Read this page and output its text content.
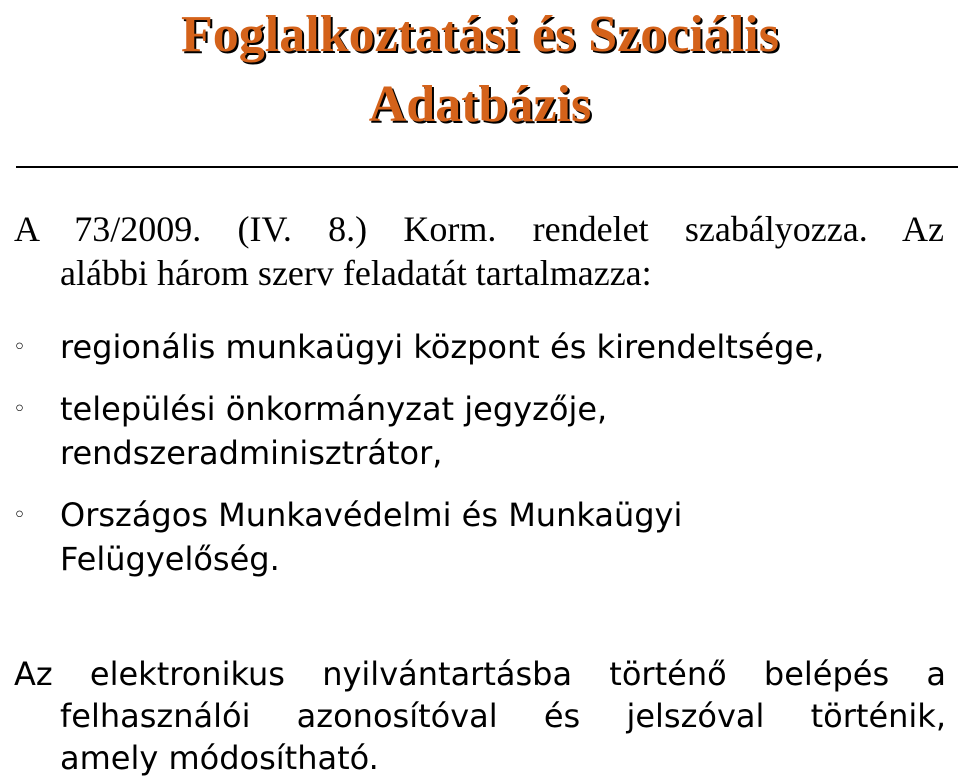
Foglalkoztatási és Szociális
Adatbázis
A 73/2009. (IV. 8.) Korm. rendelet szabályozza. Az
alábbi három szerv feladatát tartalmazza:
◦ regionális munkaügyi központ és kirendeltsége,
◦ települési önkormányzat jegyzője,
rendszeradminisztrátor,
◦ Országos Munkavédelmi és Munkaügyi
Felügyelőség.
Az elektronikus nyilvántartásba történő belépés a
felhasználói azonosítóval és jelszóval történik,
amely módosítható.
